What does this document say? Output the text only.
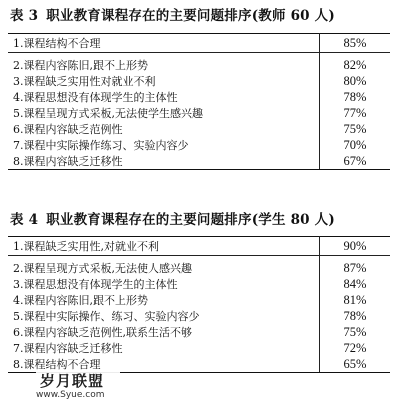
表 3 职业教育课程存在的主要问题排序(教师 60 人)
1.课程结构不合理	85%

2.课程内容陈旧,跟不上形势	82%
3.课程缺乏实用性对就业不利	80%
4.课程思想没有体现学生的主体性	78%
5.课程呈现方式采板,无法使学生感兴趣	77%
6.课程内容缺乏范例性	75%
7.课程中实际操作练习、实验内容少	70%
8.课程内容缺乏迁移性	67%
表 4 职业教育课程存在的主要问题排序(学生 80 人)
1.课程缺乏实用性,对就业不利	90%

2.课程呈现方式采板,无法使人感兴趣	87%
3.课程思想没有体现学生的主体性	84%
4.课程内容陈旧,跟不上形势	81%
5.课程中实际操作、练习、实验内容少	78%
6.课程内容缺乏范例性,联系生活不够	75%
7.课程内容缺乏迁移性	72%
8.课程结构不合理	65%
岁月联盟
www.Syue.com
